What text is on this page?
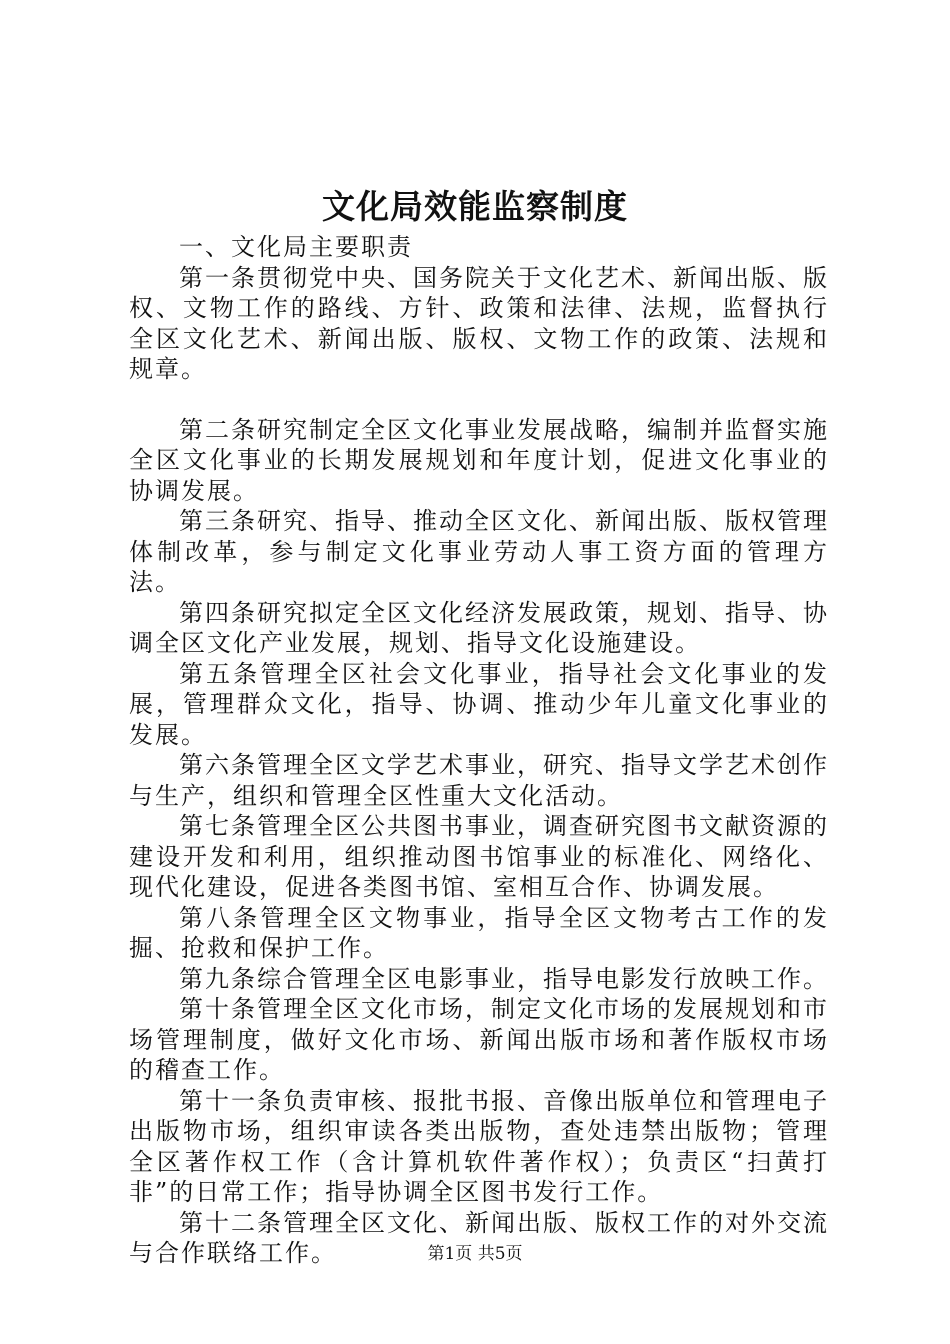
文化局效能监察制度

一、文化局主要职责

第一条贯彻党中央、国务院关于文化艺术、新闻出版、版权、文物工作的路线、方针、政策和法律、法规，监督执行全区文化艺术、新闻出版、版权、文物工作的政策、法规和规章。

第二条研究制定全区文化事业发展战略，编制并监督实施全区文化事业的长期发展规划和年度计划，促进文化事业的协调发展。

第三条研究、指导、推动全区文化、新闻出版、版权管理体制改革，参与制定文化事业劳动人事工资方面的管理方法。

第四条研究拟定全区文化经济发展政策，规划、指导、协调全区文化产业发展，规划、指导文化设施建设。

第五条管理全区社会文化事业，指导社会文化事业的发展，管理群众文化，指导、协调、推动少年儿童文化事业的发展。

第六条管理全区文学艺术事业，研究、指导文学艺术创作与生产，组织和管理全区性重大文化活动。

第七条管理全区公共图书事业，调查研究图书文献资源的建设开发和利用，组织推动图书馆事业的标准化、网络化、现代化建设，促进各类图书馆、室相互合作、协调发展。

第八条管理全区文物事业，指导全区文物考古工作的发掘、抢救和保护工作。

第九条综合管理全区电影事业，指导电影发行放映工作。

第十条管理全区文化市场，制定文化市场的发展规划和市场管理制度，做好文化市场、新闻出版市场和著作版权市场的稽查工作。

第十一条负责审核、报批书报、音像出版单位和管理电子出版物市场，组织审读各类出版物，查处违禁出版物；管理全区著作权工作（含计算机软件著作权）；负责区“扫黄打非”的日常工作；指导协调全区图书发行工作。

第十二条管理全区文化、新闻出版、版权工作的对外交流与合作联络工作。	第1页 共5页
